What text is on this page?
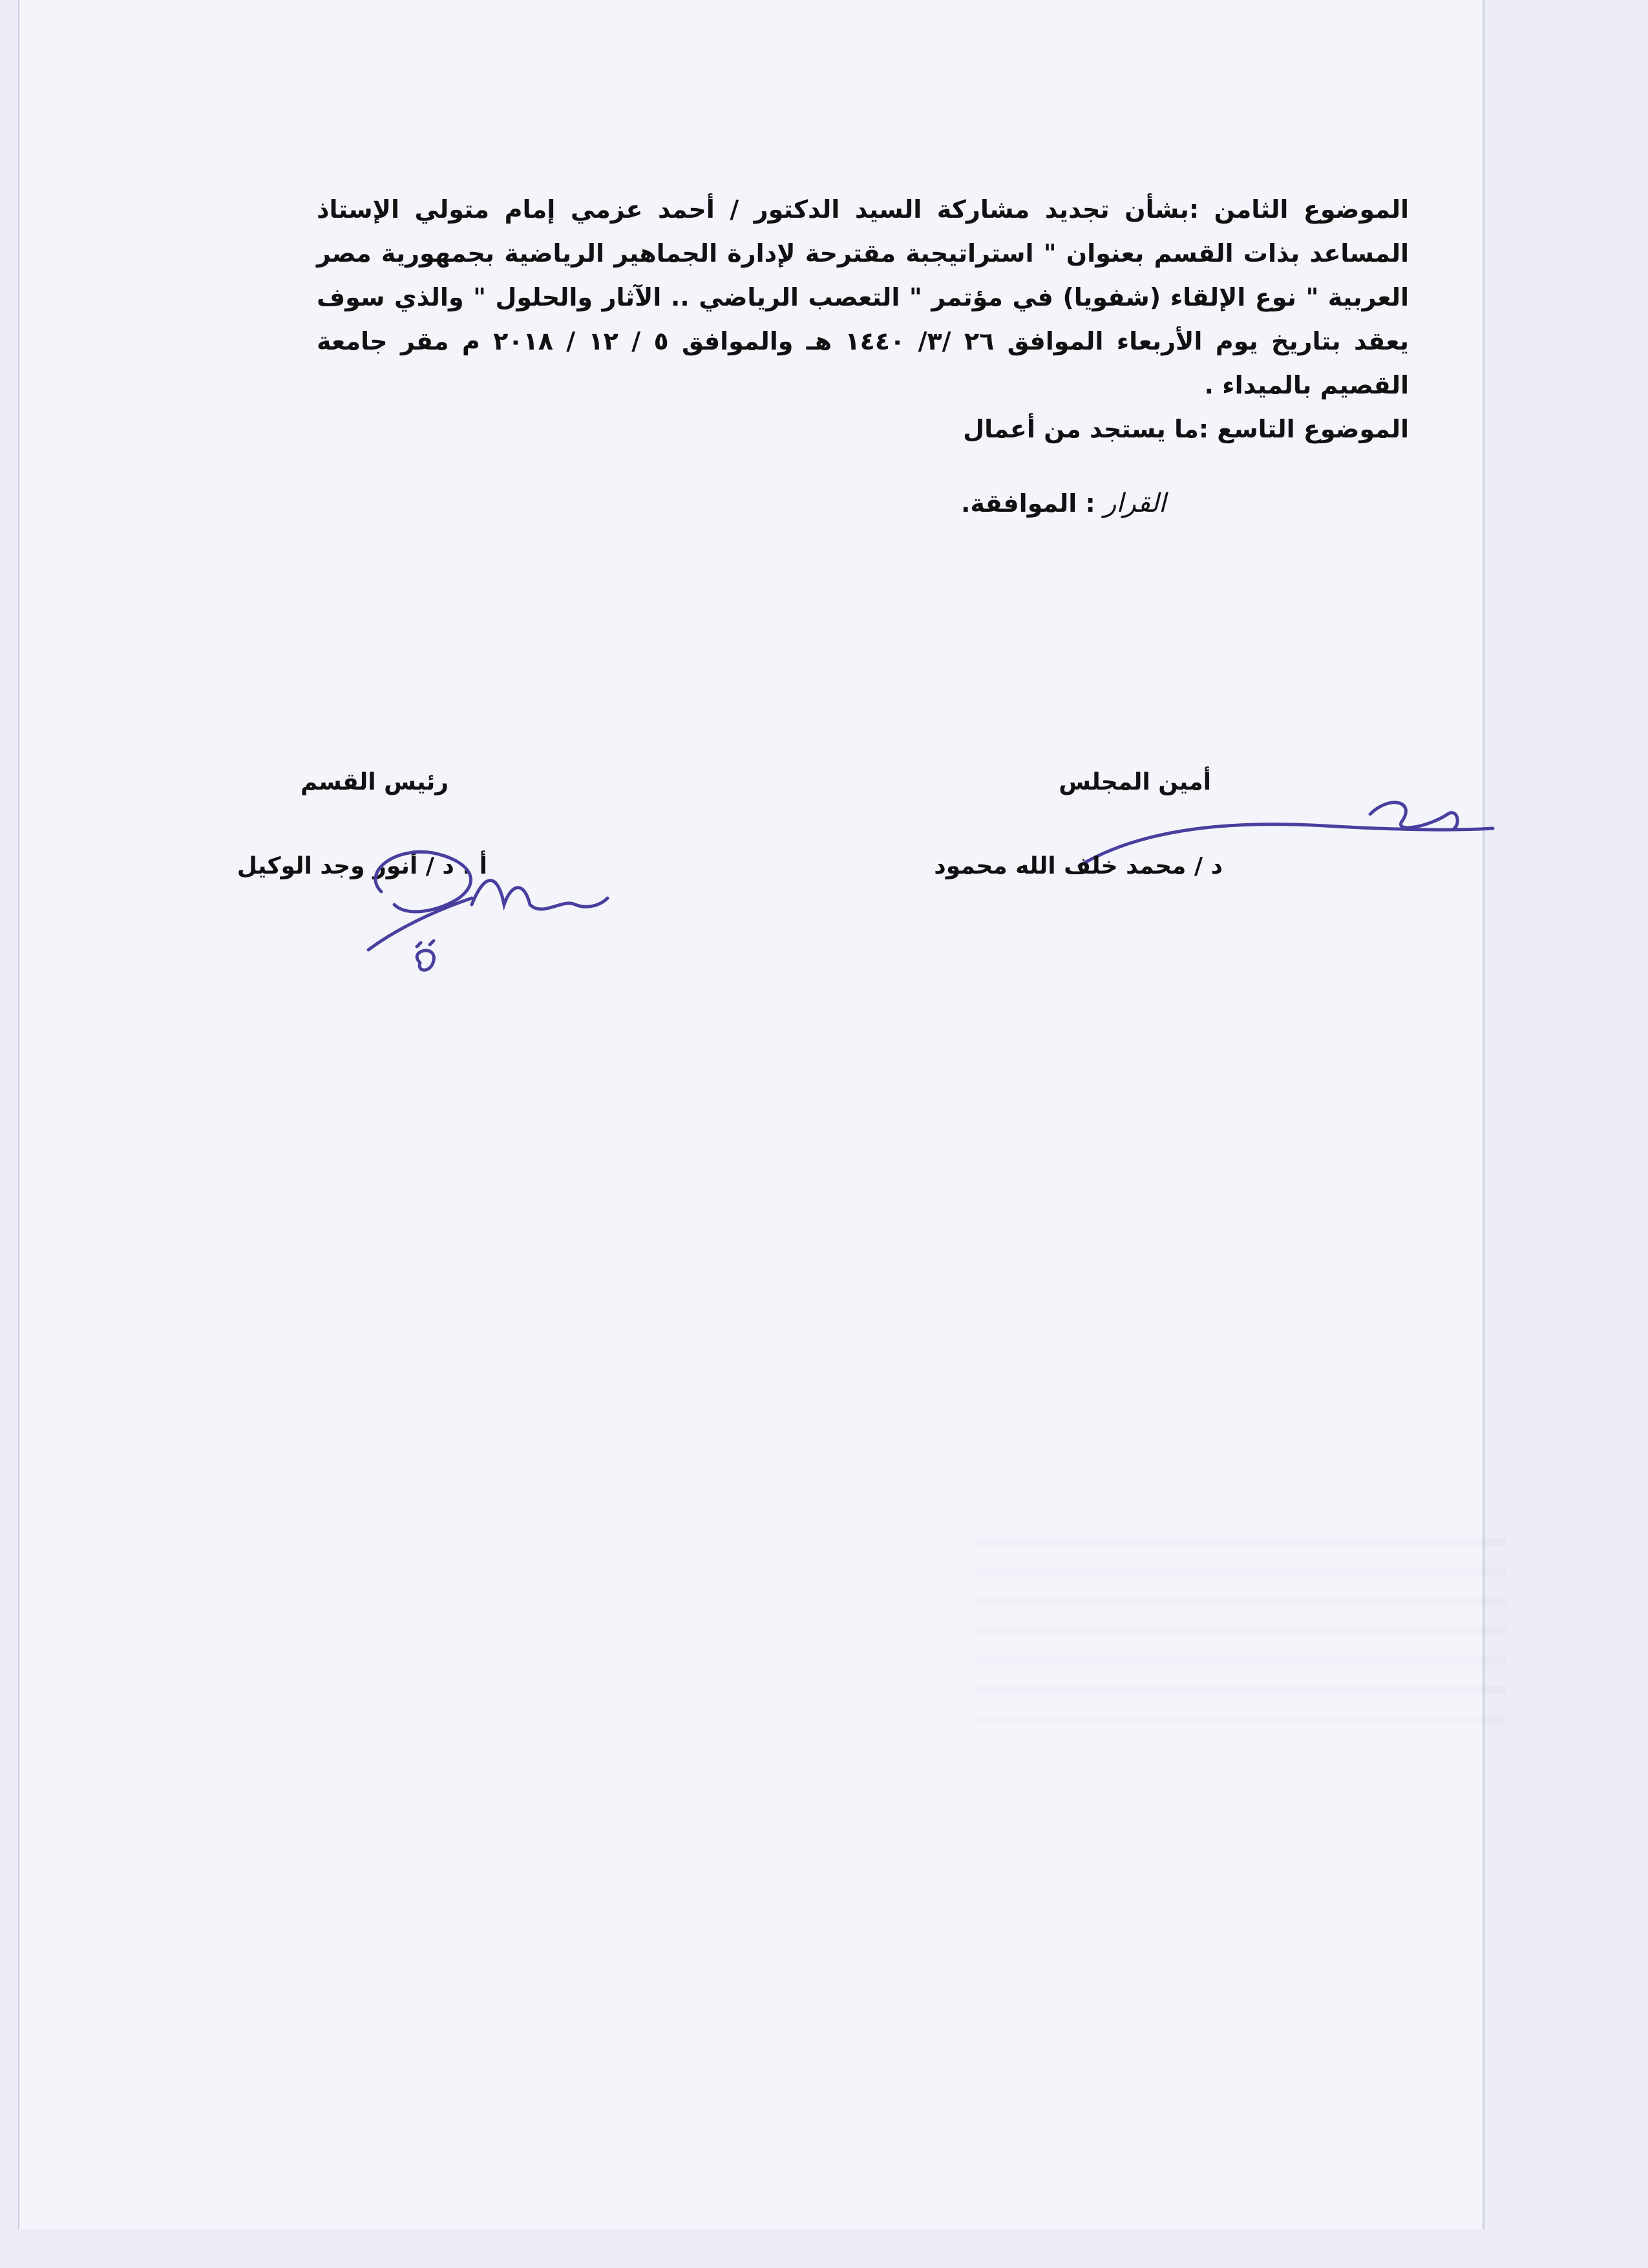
الموضوع الثامن :بشأن تجديد مشاركة السيد الدكتور / أحمد عزمي إمام متولي الإستاذ المساعد بذات القسم بعنوان " استراتيجبة مقترحة لإدارة الجماهير الرياضية بجمهورية مصر العربية " نوع الإلقاء (شفويا) في مؤتمر " التعصب الرياضي .. الآثار والحلول " والذي سوف يعقد بتاريخ يوم الأربعاء الموافق ٢٦ /٣/ ١٤٤٠ هـ والموافق ٥ / ١٢ / ٢٠١٨ م مقر جامعة القصيم بالميداء .

الموضوع التاسع :ما يستجد من أعمال

القرار : الموافقة.
أمين المجلس
رئيس القسم
د / محمد خلف الله محمود
أ . د / أنور وجد الوكيل
